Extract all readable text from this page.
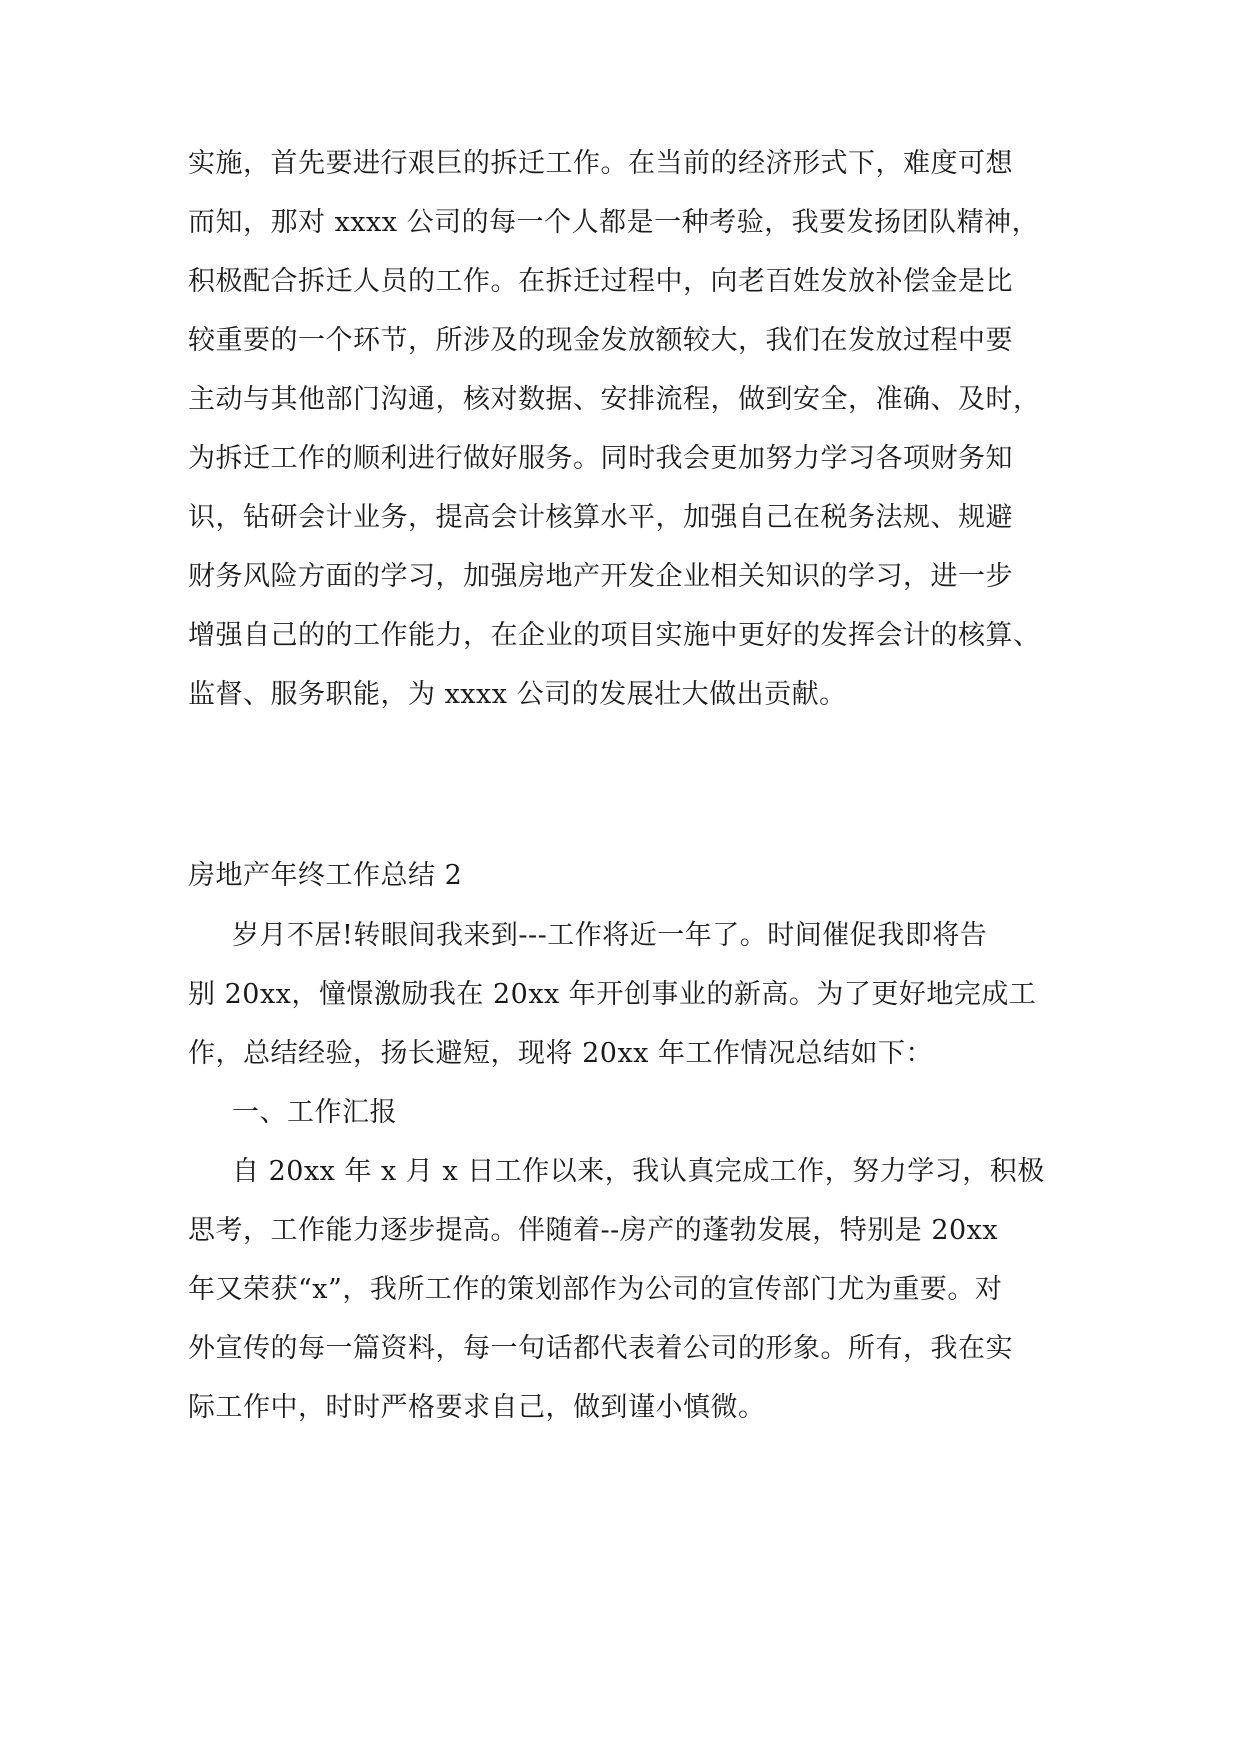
实施，首先要进行艰巨的拆迁工作。在当前的经济形式下，难度可想
而知，那对 xxxx 公司的每一个人都是一种考验，我要发扬团队精神，
积极配合拆迁人员的工作。在拆迁过程中，向老百姓发放补偿金是比
较重要的一个环节，所涉及的现金发放额较大，我们在发放过程中要
主动与其他部门沟通，核对数据、安排流程，做到安全，准确、及时，
为拆迁工作的顺利进行做好服务。同时我会更加努力学习各项财务知
识，钻研会计业务，提高会计核算水平，加强自己在税务法规、规避
财务风险方面的学习，加强房地产开发企业相关知识的学习，进一步
增强自己的的工作能力，在企业的项目实施中更好的发挥会计的核算、
监督、服务职能，为 xxxx 公司的发展壮大做出贡献。
房地产年终工作总结 2
岁月不居!转眼间我来到---工作将近一年了。时间催促我即将告
别 20xx，憧憬激励我在 20xx 年开创事业的新高。为了更好地完成工
作，总结经验，扬长避短，现将 20xx 年工作情况总结如下：
一、工作汇报
自 20xx 年 x 月 x 日工作以来，我认真完成工作，努力学习，积极
思考，工作能力逐步提高。伴随着--房产的蓬勃发展，特别是 20xx
年又荣获“x”，我所工作的策划部作为公司的宣传部门尤为重要。对
外宣传的每一篇资料，每一句话都代表着公司的形象。所有，我在实
际工作中，时时严格要求自己，做到谨小慎微。
